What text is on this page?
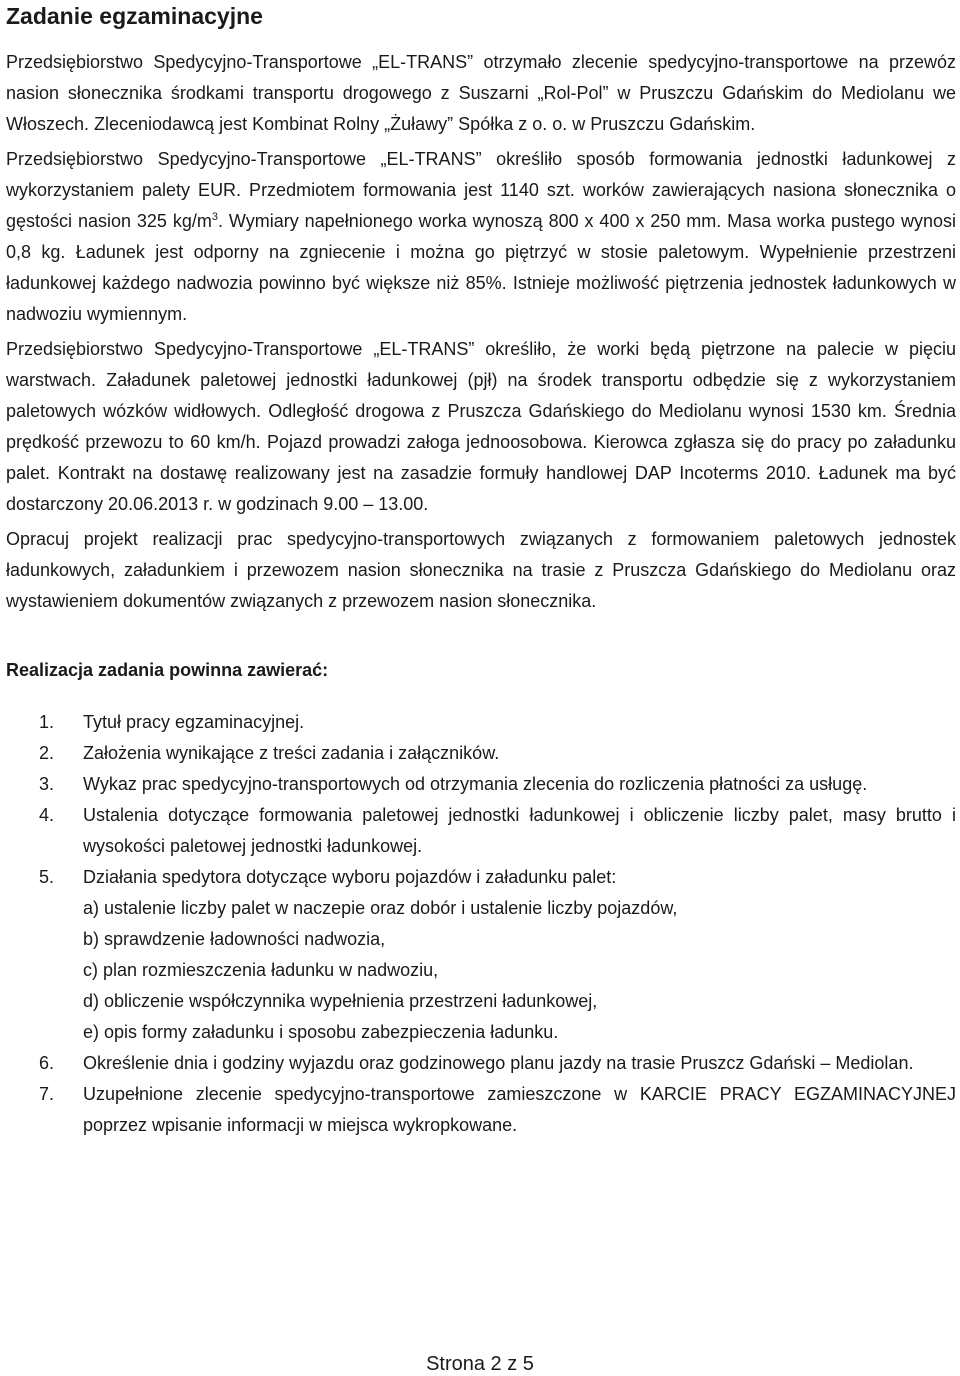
Zadanie egzaminacyjne

Przedsiębiorstwo Spedycyjno-Transportowe „EL-TRANS” otrzymało zlecenie spedycyjno-transportowe na przewóz nasion słonecznika środkami transportu drogowego z Suszarni „Rol-Pol” w Pruszczu Gdańskim do Mediolanu we Włoszech. Zleceniodawcą jest Kombinat Rolny „Żuławy” Spółka z o. o. w Pruszczu Gdańskim.

Przedsiębiorstwo Spedycyjno-Transportowe „EL-TRANS” określiło sposób formowania jednostki ładunkowej z wykorzystaniem palety EUR. Przedmiotem formowania jest 1140 szt. worków zawierających nasiona słonecznika o gęstości nasion 325 $kg/m^3$. Wymiary napełnionego worka wynoszą 800 x 400 x 250 mm. Masa worka pustego wynosi 0,8 kg. Ładunek jest odporny na zgniecenie i można go piętrzyć w stosie paletowym. Wypełnienie przestrzeni ładunkowej każdego nadwozia powinno być większe niż 85%. Istnieje możliwość piętrzenia jednostek ładunkowych w nadwoziu wymiennym.

Przedsiębiorstwo Spedycyjno-Transportowe „EL-TRANS” określiło, że worki będą piętrzone na palecie w pięciu warstwach. Załadunek paletowej jednostki ładunkowej (pjł) na środek transportu odbędzie się z wykorzystaniem paletowych wózków widłowych. Odległość drogowa z Pruszcza Gdańskiego do Mediolanu wynosi 1530 km. Średnia prędkość przewozu to 60 km/h. Pojazd prowadzi załoga jednoosobowa. Kierowca zgłasza się do pracy po załadunku palet. Kontrakt na dostawę realizowany jest na zasadzie formuły handlowej DAP Incoterms 2010. Ładunek ma być dostarczony 20.06.2013 r. w godzinach 9.00 – 13.00.

Opracuj projekt realizacji prac spedycyjno-transportowych związanych z formowaniem paletowych jednostek ładunkowych, załadunkiem i przewozem nasion słonecznika na trasie z Pruszcza Gdańskiego do Mediolanu oraz wystawieniem dokumentów związanych z przewozem nasion słonecznika.

Realizacja zadania powinna zawierać:
1.	Tytuł pracy egzaminacyjnej.
2.	Założenia wynikające z treści zadania i załączników.
3.	Wykaz prac spedycyjno-transportowych od otrzymania zlecenia do rozliczenia płatności za usługę.
4.	Ustalenia dotyczące formowania paletowej jednostki ładunkowej i obliczenie liczby palet, masy brutto i wysokości paletowej jednostki ładunkowej.
5.	Działania spedytora dotyczące wyboru pojazdów i załadunku palet:
a) ustalenie liczby palet w naczepie oraz dobór i ustalenie liczby pojazdów,
b) sprawdzenie ładowności nadwozia,
c) plan rozmieszczenia ładunku w nadwoziu,
d) obliczenie współczynnika wypełnienia przestrzeni ładunkowej,
e) opis formy załadunku i sposobu zabezpieczenia ładunku.
6.	Określenie dnia i godziny wyjazdu oraz godzinowego planu jazdy na trasie Pruszcz Gdański – Mediolan.
7.	Uzupełnione zlecenie spedycyjno-transportowe zamieszczone w KARCIE PRACY EGZAMINACYJNEJ poprzez wpisanie informacji w miejsca wykropkowane.
Strona 2 z 5
